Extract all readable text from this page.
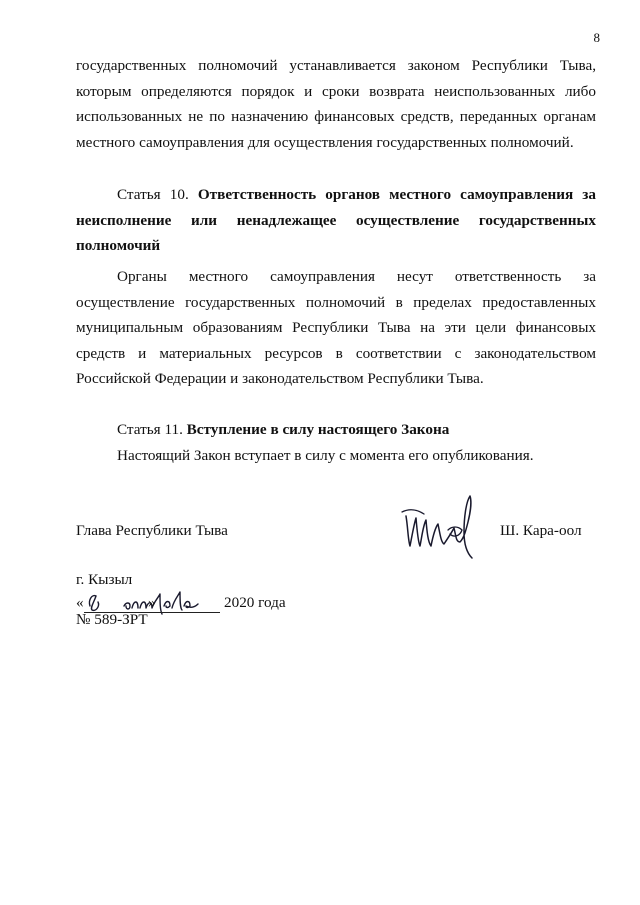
8
государственных полномочий устанавливается законом Республики Тыва, которым определяются порядок и сроки возврата неиспользованных либо использованных не по назначению финансовых средств, переданных органам местного самоуправления для осуществления государственных полномочий.

Статья 10. Ответственность органов местного самоуправления за неисполнение или ненадлежащее осуществление государственных полномочий

Органы местного самоуправления несут ответственность за осуществление государственных полномочий в пределах предоставленных муниципальным образованиям Республики Тыва на эти цели финансовых средств и материальных ресурсов в соответствии с законодательством Российской Федерации и законодательством Республики Тыва.

Статья 11. Вступление в силу настоящего Закона

Настоящий Закон вступает в силу с момента его опубликования.

Глава Республики Тыва	Ш. Кара-оол
г. Кызыл
«	»	2020 года
№ 589-ЗРТ
